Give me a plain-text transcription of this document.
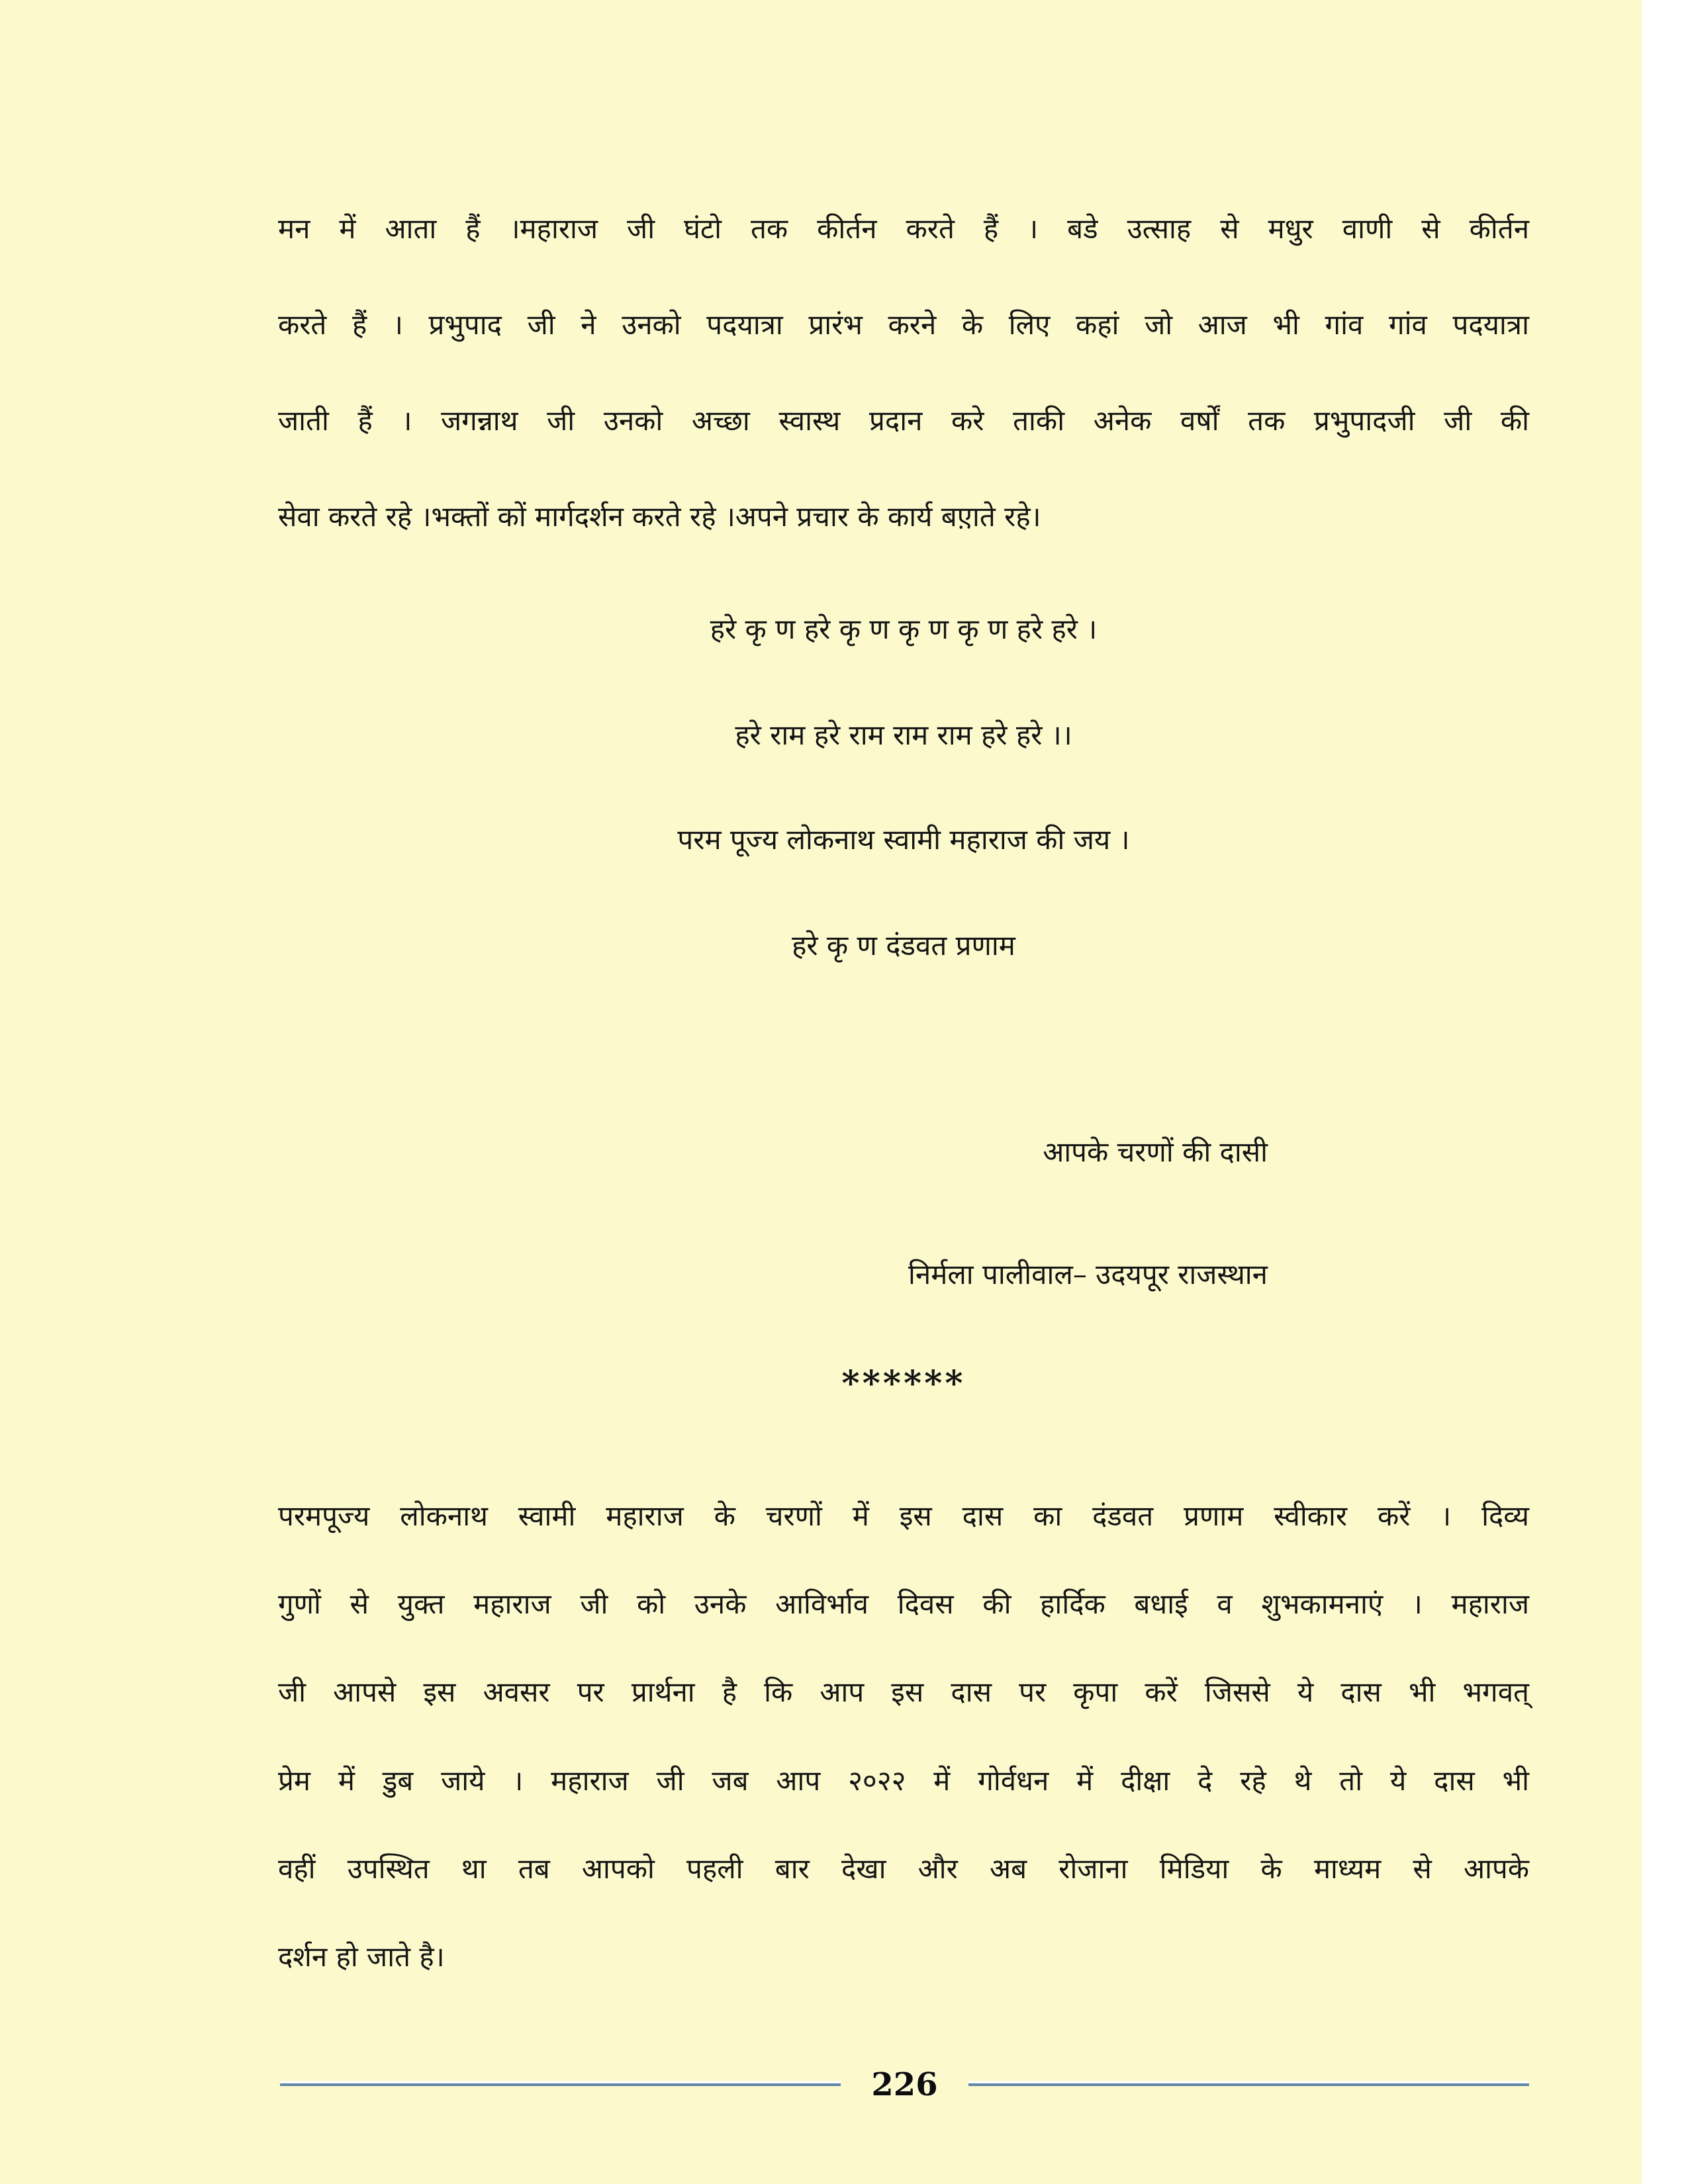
मन में आता हैं ।महाराज जी घंटो तक कीर्तन करते हैं । बडे उत्साह से मधुर वाणी से कीर्तन
करते हैं । प्रभुपाद जी ने उनको पदयात्रा प्रारंभ करने के लिए कहां जो आज भी गांव गांव पदयात्रा
जाती हैं । जगन्नाथ जी उनको अच्छा स्वास्थ प्रदान करे ताकी अनेक वर्षों तक प्रभुपादजी जी की
सेवा करते रहे ।भक्तों कों मार्गदर्शन करते रहे ।अपने प्रचार के कार्य बए़ाते रहे।
हरे कृ ण हरे कृ ण कृ ण कृ ण हरे हरे ।
हरे राम हरे राम राम राम हरे हरे ।।
परम पूज्य लोकनाथ स्वामी महाराज की जय ।
हरे कृ ण दंडवत प्रणाम
आपके चरणों की दासी
निर्मला पालीवाल– उदयपूर राजस्थान
******
परमपूज्य लोकनाथ स्वामी महाराज के चरणों में इस दास का दंडवत प्रणाम स्वीकार करें । दिव्य
गुणों से युक्त महाराज जी को उनके आविर्भाव दिवस की हार्दिक बधाई व शुभकामनाएं । महाराज
जी आपसे इस अवसर पर प्रार्थना है कि आप इस दास पर कृपा करें जिससे ये दास भी भगवत्
प्रेम में डुब जाये । महाराज जी जब आप २०२२ में गोर्वधन में दीक्षा दे रहे थे तो ये दास भी
वहीं उपस्थित था तब आपको पहली बार देखा और अब रोजाना मिडिया के माध्यम से आपके
दर्शन हो जाते है।
226
